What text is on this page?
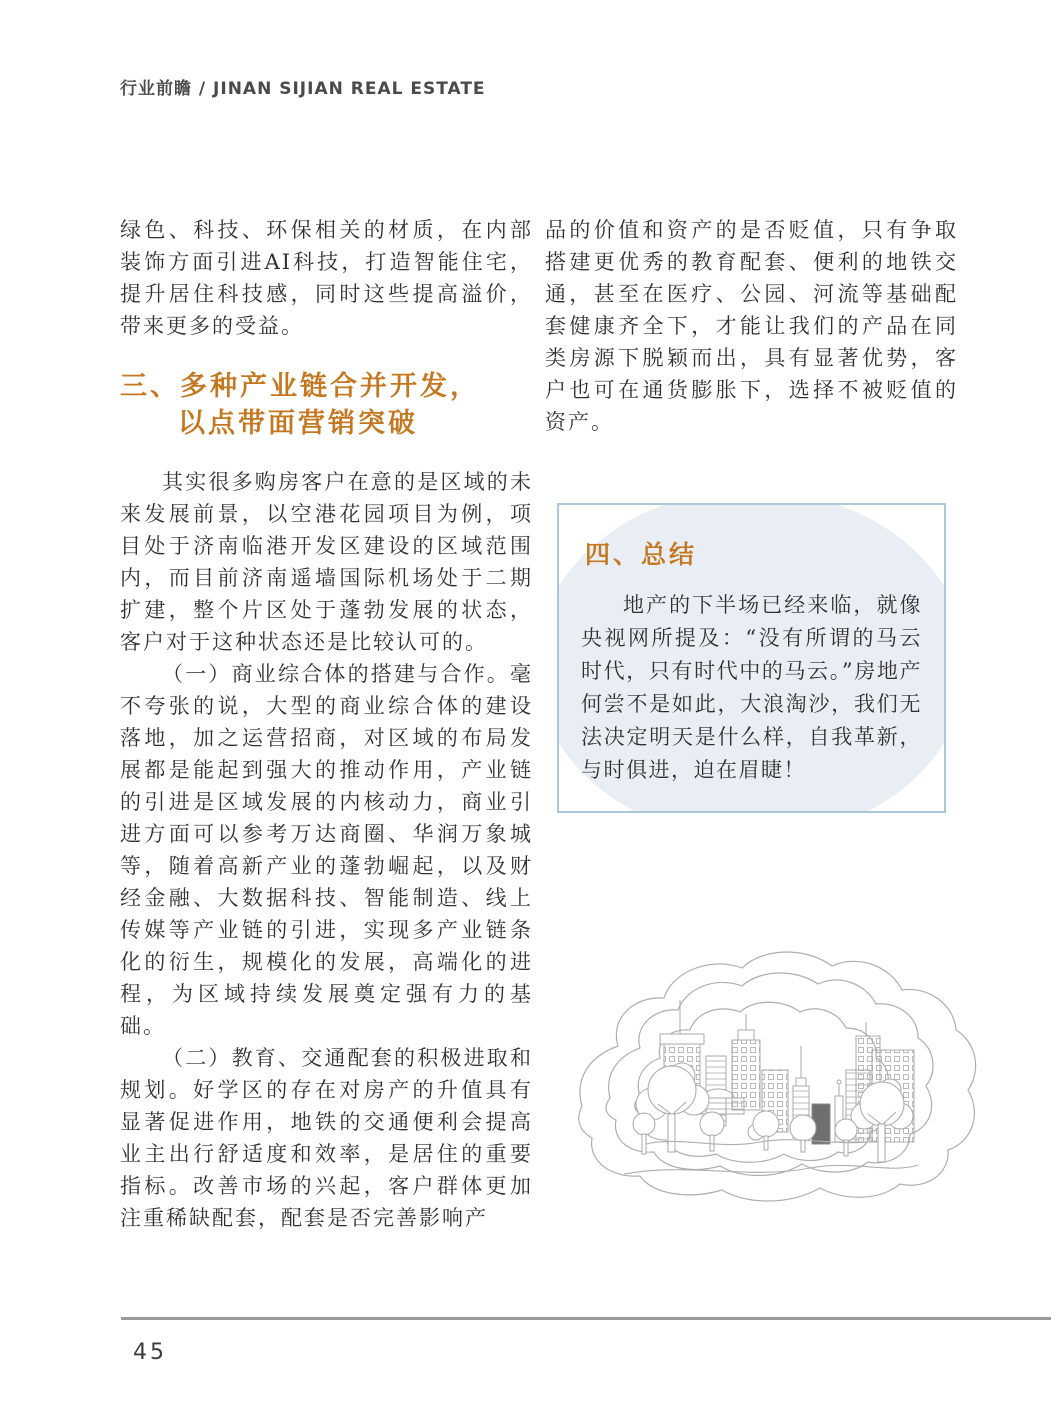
行业前瞻 / JINAN SIJIAN REAL ESTATE

绿色、科技、环保相关的材质，在内部装饰方面引进AI科技，打造智能住宅，提升居住科技感，同时这些提高溢价，带来更多的受益。

三、多种产业链合并开发，
以点带面营销突破

其实很多购房客户在意的是区域的未来发展前景，以空港花园项目为例，项目处于济南临港开发区建设的区域范围内，而目前济南遥墙国际机场处于二期扩建，整个片区处于蓬勃发展的状态，客户对于这种状态还是比较认可的。

（一）商业综合体的搭建与合作。毫不夸张的说，大型的商业综合体的建设落地，加之运营招商，对区域的布局发展都是能起到强大的推动作用，产业链的引进是区域发展的内核动力，商业引进方面可以参考万达商圈、华润万象城等，随着高新产业的蓬勃崛起，以及财经金融、大数据科技、智能制造、线上传媒等产业链的引进，实现多产业链条化的衍生，规模化的发展，高端化的进程，为区域持续发展奠定强有力的基础。

（二）教育、交通配套的积极进取和规划。好学区的存在对房产的升值具有显著促进作用，地铁的交通便利会提高业主出行舒适度和效率，是居住的重要指标。改善市场的兴起，客户群体更加注重稀缺配套，配套是否完善影响产

品的价值和资产的是否贬值，只有争取搭建更优秀的教育配套、便利的地铁交通，甚至在医疗、公园、河流等基础配套健康齐全下，才能让我们的产品在同类房源下脱颖而出，具有显著优势，客户也可在通货膨胀下，选择不被贬值的资产。

四、总结

地产的下半场已经来临，就像央视网所提及：“没有所谓的马云时代，只有时代中的马云。”房地产何尝不是如此，大浪淘沙，我们无法决定明天是什么样，自我革新，与时俱进，迫在眉睫！

45
